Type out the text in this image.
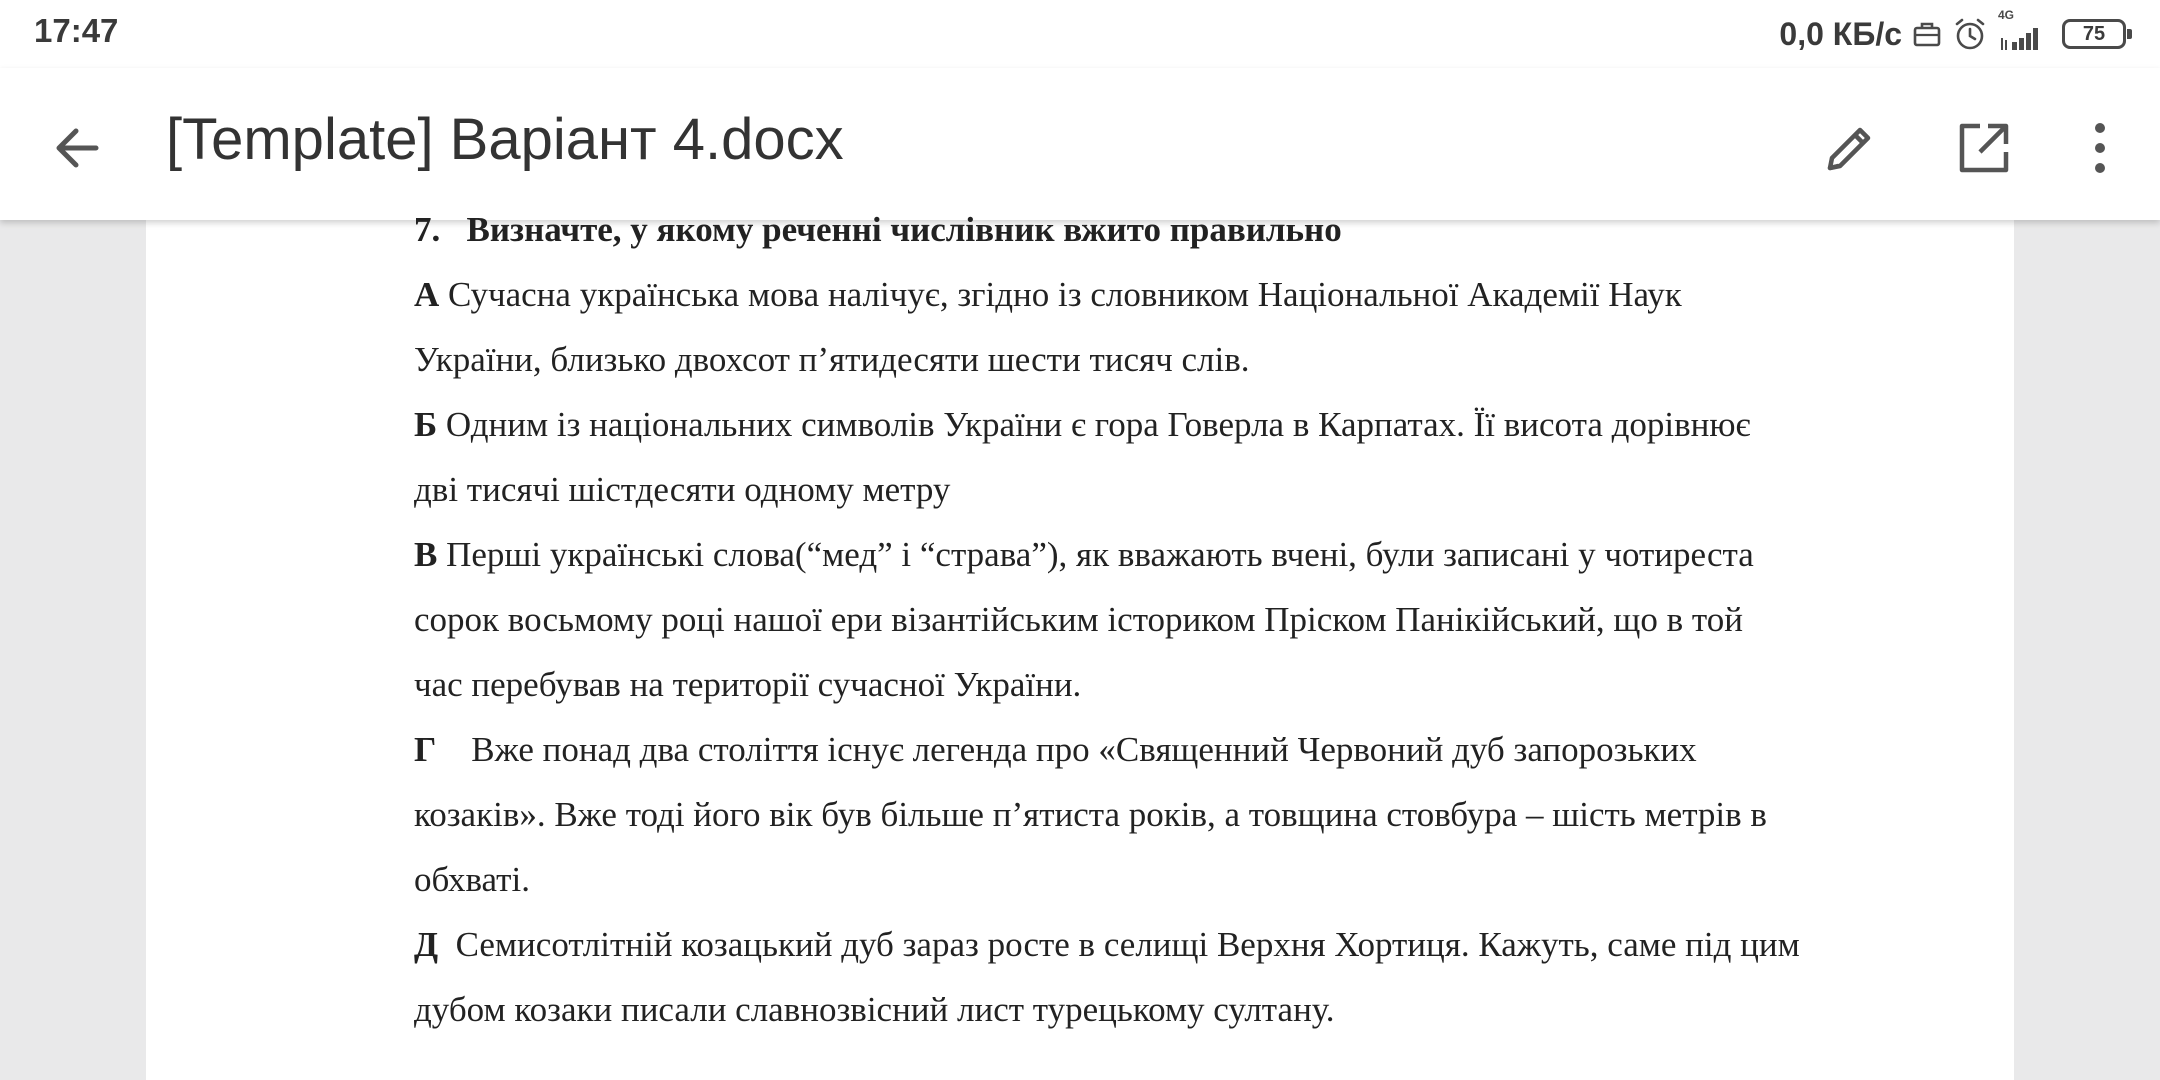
17:47	0,0 КБ/с
4G
75
[Template] Варіант 4.docx
7. Визначте, у якому реченні числівник вжито правильно
А Сучасна українська мова налічує, згідно із словником Національної Академії Наук
України, близько двохсот п’ятидесяти шести тисяч слів.
Б Одним із національних символів України є гора Говерла в Карпатах. Її висота дорівнює
дві тисячі шістдесяти одному метру
В Перші українські слова(“мед” і “страва”), як вважають вчені, були записані у чотиреста
сорок восьмому році нашої ери візантійським істориком Пріском Панікійський, що в той
час перебував на території сучасної України.
Г    Вже понад два століття існує легенда про «Священний Червоний дуб запорозьких
козаків». Вже тоді його вік був більше п’ятиста років, а товщина стовбура – шість метрів в
обхваті.
Д  Семисотлітній козацький дуб зараз росте в селищі Верхня Хортиця. Кажуть, саме під цим
дубом козаки писали славнозвісний лист турецькому султану.
